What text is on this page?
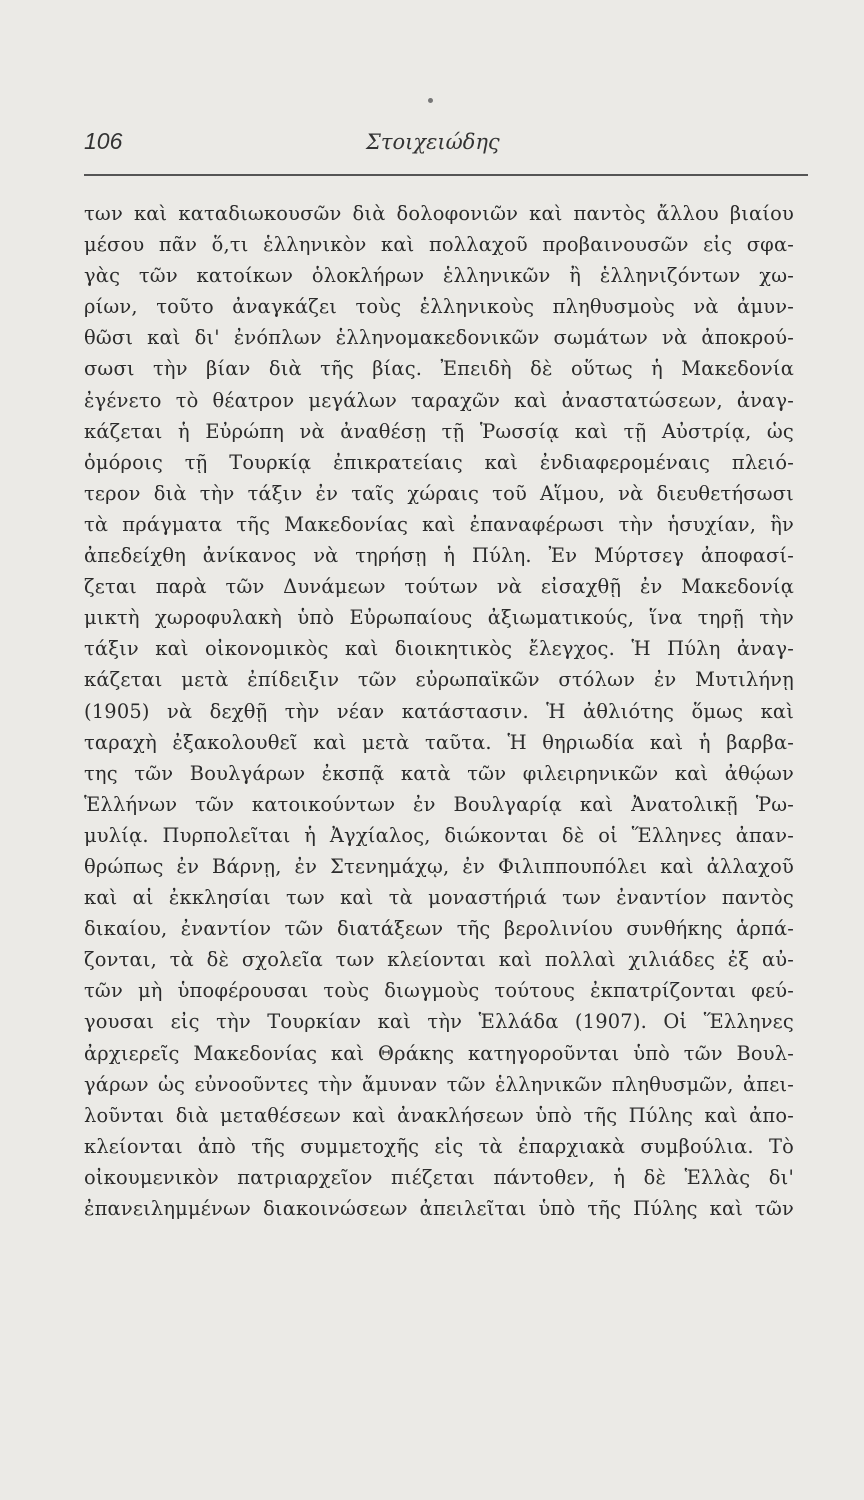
106	Στοιχειώδης
των καὶ καταδιωκουσῶν διὰ δολοφονιῶν καὶ παντὸς ἄλλου βιαίου
μέσου πᾶν ὅ,τι ἑλληνικὸν καὶ πολλαχοῦ προβαινουσῶν εἰς σφα-
γὰς τῶν κατοίκων ὁλοκλήρων ἑλληνικῶν ἢ ἑλληνιζόντων χω-
ρίων, τοῦτο ἀναγκάζει τοὺς ἑλληνικοὺς πληθυσμοὺς νὰ ἀμυν-
θῶσι καὶ δι' ἐνόπλων ἑλληνομακεδονικῶν σωμάτων νὰ ἀποκρού-
σωσι τὴν βίαν διὰ τῆς βίας. Ἐπειδὴ δὲ οὕτως ἡ Μακεδονία
ἐγένετο τὸ θέατρον μεγάλων ταραχῶν καὶ ἀναστατώσεων, ἀναγ-
κάζεται ἡ Εὐρώπη νὰ ἀναθέσῃ τῇ Ῥωσσίᾳ καὶ τῇ Αὐστρίᾳ, ὡς
ὁμόροις τῇ Τουρκίᾳ ἐπικρατείαις καὶ ἐνδιαφερομέναις πλειό-
τερον διὰ τὴν τάξιν ἐν ταῖς χώραις τοῦ Αἵμου, νὰ διευθετήσωσι
τὰ πράγματα τῆς Μακεδονίας καὶ ἐπαναφέρωσι τὴν ἡσυχίαν, ἣν
ἀπεδείχθη ἀνίκανος νὰ τηρήσῃ ἡ Πύλη. Ἐν Μύρτσεγ ἀποφασί-
ζεται παρὰ τῶν Δυνάμεων τούτων νὰ εἰσαχθῇ ἐν Μακεδονίᾳ
μικτὴ χωροφυλακὴ ὑπὸ Εὐρωπαίους ἀξιωματικούς, ἵνα τηρῇ τὴν
τάξιν καὶ οἰκονομικὸς καὶ διοικητικὸς ἔλεγχος. Ἡ Πύλη ἀναγ-
κάζεται μετὰ ἐπίδειξιν τῶν εὐρωπαϊκῶν στόλων ἐν Μυτιλήνῃ
(1905) νὰ δεχθῇ τὴν νέαν κατάστασιν. Ἡ ἀθλιότης ὅμως καὶ
ταραχὴ ἐξακολουθεῖ καὶ μετὰ ταῦτα. Ἡ θηριωδία καὶ ἡ βαρβα-
της τῶν Βουλγάρων ἐκσπᾷ κατὰ τῶν φιλειρηνικῶν καὶ ἀθῴων
Ἑλλήνων τῶν κατοικούντων ἐν Βουλγαρίᾳ καὶ Ἀνατολικῇ Ῥω-
μυλίᾳ. Πυρπολεῖται ἡ Ἀγχίαλος, διώκονται δὲ οἱ Ἕλληνες ἀπαν-
θρώπως ἐν Βάρνῃ, ἐν Στενημάχῳ, ἐν Φιλιππουπόλει καὶ ἀλλαχοῦ
καὶ αἱ ἐκκλησίαι των καὶ τὰ μοναστήριά των ἐναντίον παντὸς
δικαίου, ἐναντίον τῶν διατάξεων τῆς βερολινίου συνθήκης ἁρπά-
ζονται, τὰ δὲ σχολεῖα των κλείονται καὶ πολλαὶ χιλιάδες ἐξ αὐ-
τῶν μὴ ὑποφέρουσαι τοὺς διωγμοὺς τούτους ἐκπατρίζονται φεύ-
γουσαι εἰς τὴν Τουρκίαν καὶ τὴν Ἑλλάδα (1907). Οἱ Ἕλληνες
ἀρχιερεῖς Μακεδονίας καὶ Θράκης κατηγοροῦνται ὑπὸ τῶν Βουλ-
γάρων ὡς εὐνοοῦντες τὴν ἄμυναν τῶν ἑλληνικῶν πληθυσμῶν, ἀπει-
λοῦνται διὰ μεταθέσεων καὶ ἀνακλήσεων ὑπὸ τῆς Πύλης καὶ ἀπο-
κλείονται ἀπὸ τῆς συμμετοχῆς εἰς τὰ ἐπαρχιακὰ συμβούλια. Τὸ
οἰκουμενικὸν πατριαρχεῖον πιέζεται πάντοθεν, ἡ δὲ Ἑλλὰς δι'
ἐπανειλημμένων διακοινώσεων ἀπειλεῖται ὑπὸ τῆς Πύλης καὶ τῶν
